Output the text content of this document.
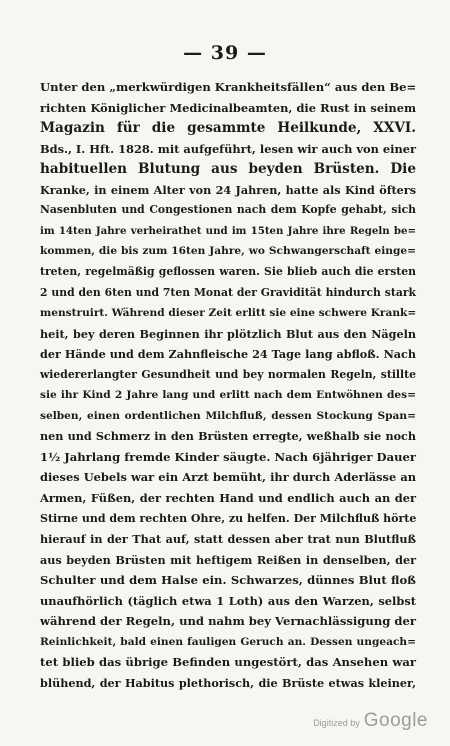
— 39 —
Unter den „merkwürdigen Krankheitsfällen“ aus den Be=
richten Königlicher Medicinalbeamten, die Rust in seinem
Magazin für die gesammte Heilkunde, XXVI.
Bds., I. Hft. 1828. mit aufgeführt, lesen wir auch von einer
habituellen Blutung aus beyden Brüsten. Die
Kranke, in einem Alter von 24 Jahren, hatte als Kind öfters
Nasenbluten und Congestionen nach dem Kopfe gehabt, sich
im 14ten Jahre verheirathet und im 15ten Jahre ihre Regeln be=
kommen, die bis zum 16ten Jahre, wo Schwangerschaft einge=
treten, regelmäßig geflossen waren. Sie blieb auch die ersten
2 und den 6ten und 7ten Monat der Gravidität hindurch stark
menstruirt. Während dieser Zeit erlitt sie eine schwere Krank=
heit, bey deren Beginnen ihr plötzlich Blut aus den Nägeln
der Hände und dem Zahnfleische 24 Tage lang abfloß. Nach
wiedererlangter Gesundheit und bey normalen Regeln, stillte
sie ihr Kind 2 Jahre lang und erlitt nach dem Entwöhnen des=
selben, einen ordentlichen Milchfluß, dessen Stockung Span=
nen und Schmerz in den Brüsten erregte, weßhalb sie noch
1½ Jahrlang fremde Kinder säugte. Nach 6jähriger Dauer
dieses Uebels war ein Arzt bemüht, ihr durch Aderlässe an
Armen, Füßen, der rechten Hand und endlich auch an der
Stirne und dem rechten Ohre, zu helfen. Der Milchfluß hörte
hierauf in der That auf, statt dessen aber trat nun Blutfluß
aus beyden Brüsten mit heftigem Reißen in denselben, der
Schulter und dem Halse ein. Schwarzes, dünnes Blut floß
unaufhörlich (täglich etwa 1 Loth) aus den Warzen, selbst
während der Regeln, und nahm bey Vernachlässigung der
Reinlichkeit, bald einen fauligen Geruch an. Dessen ungeach=
tet blieb das übrige Befinden ungestört, das Ansehen war
blühend, der Habitus plethorisch, die Brüste etwas kleiner,
Digitized by Google
